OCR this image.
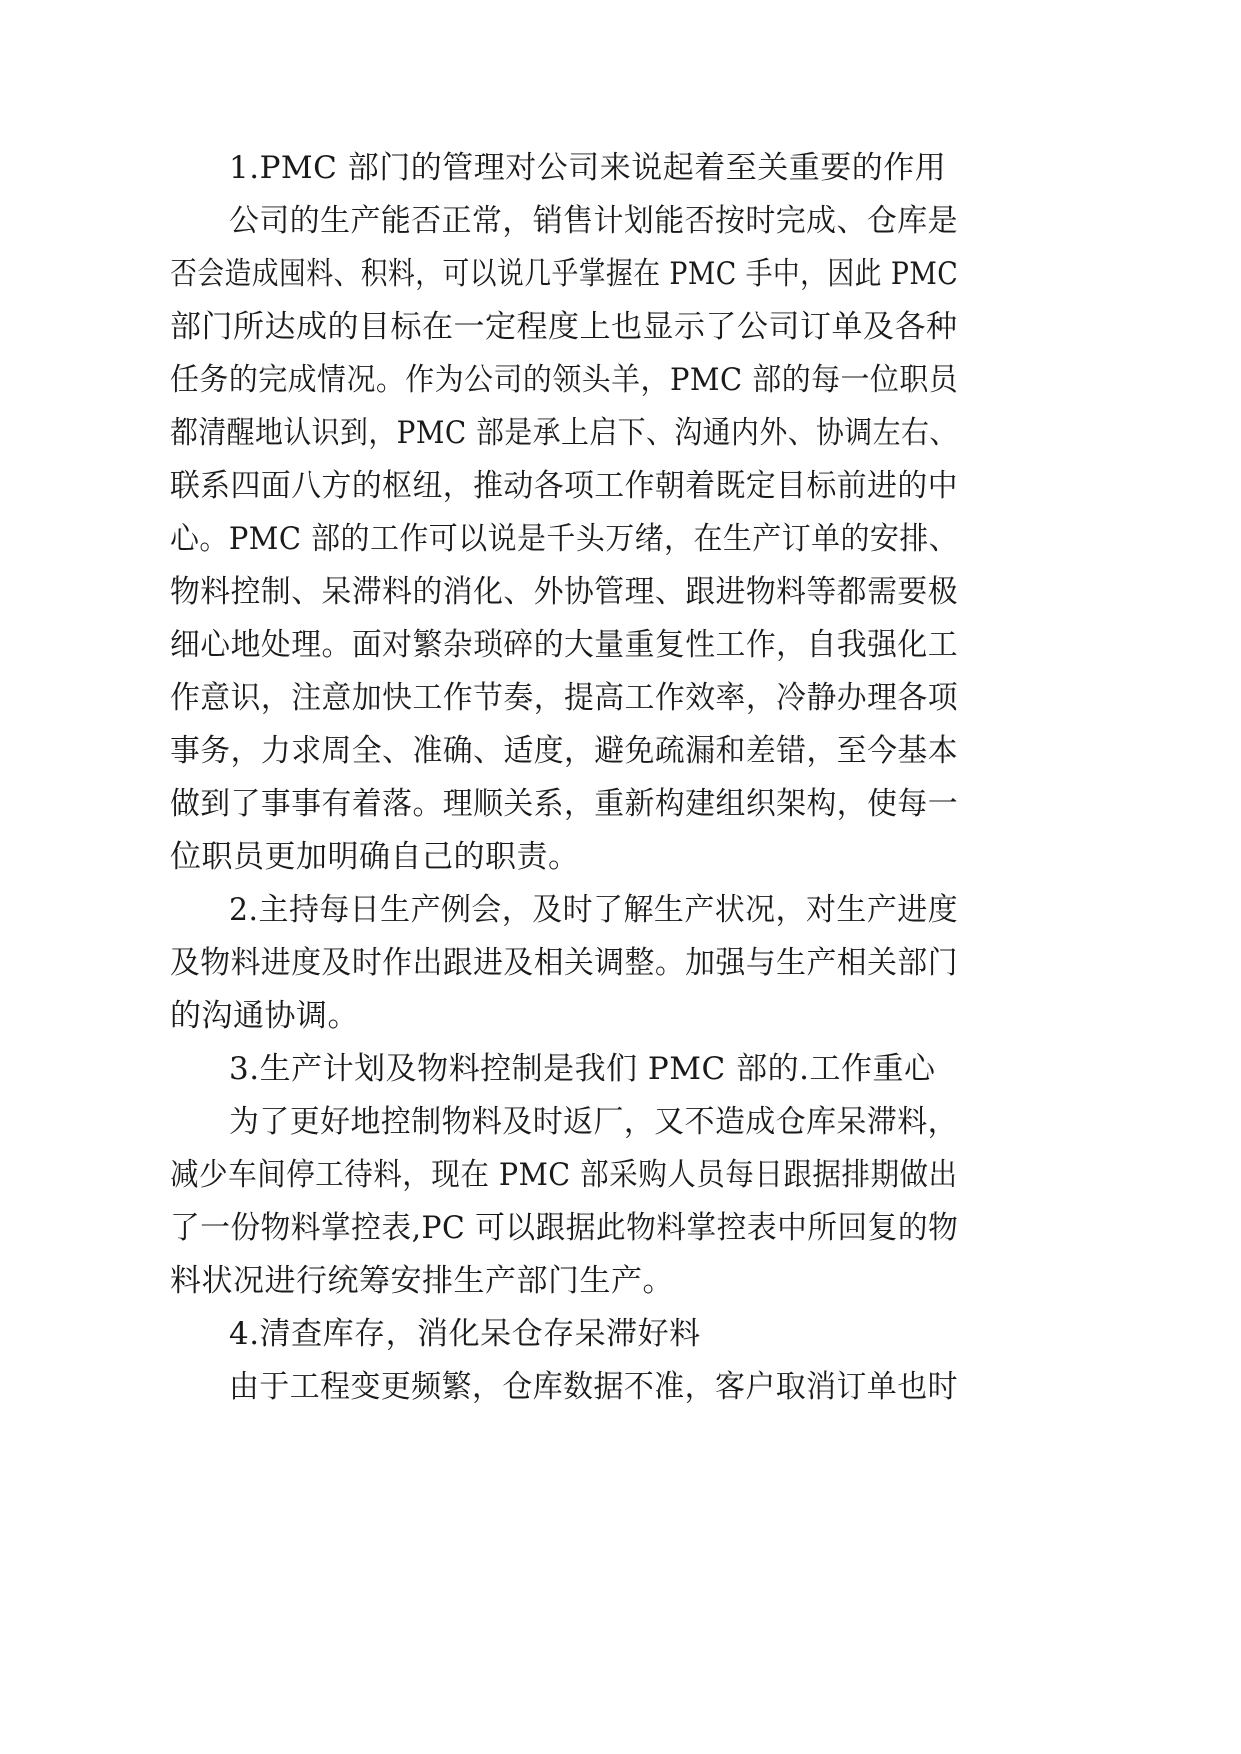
1.PMC 部门的管理对公司来说起着至关重要的作用
公司的生产能否正常，销售计划能否按时完成、仓库是
否会造成囤料、积料，可以说几乎掌握在 PMC 手中，因此 PMC
部门所达成的目标在一定程度上也显示了公司订单及各种
任务的完成情况。作为公司的领头羊，PMC 部的每一位职员
都清醒地认识到，PMC 部是承上启下、沟通内外、协调左右、
联系四面八方的枢纽，推动各项工作朝着既定目标前进的中
心。PMC 部的工作可以说是千头万绪，在生产订单的安排、
物料控制、呆滞料的消化、外协管理、跟进物料等都需要极
细心地处理。面对繁杂琐碎的大量重复性工作，自我强化工
作意识，注意加快工作节奏，提高工作效率，冷静办理各项
事务，力求周全、准确、适度，避免疏漏和差错，至今基本
做到了事事有着落。理顺关系，重新构建组织架构，使每一
位职员更加明确自己的职责。
2.主持每日生产例会，及时了解生产状况，对生产进度
及物料进度及时作出跟进及相关调整。加强与生产相关部门
的沟通协调。
3.生产计划及物料控制是我们 PMC 部的.工作重心
为了更好地控制物料及时返厂，又不造成仓库呆滞料，
减少车间停工待料，现在 PMC 部采购人员每日跟据排期做出
了一份物料掌控表,PC 可以跟据此物料掌控表中所回复的物
料状况进行统筹安排生产部门生产。
4.清查库存，消化呆仓存呆滞好料
由于工程变更频繁，仓库数据不准，客户取消订单也时
